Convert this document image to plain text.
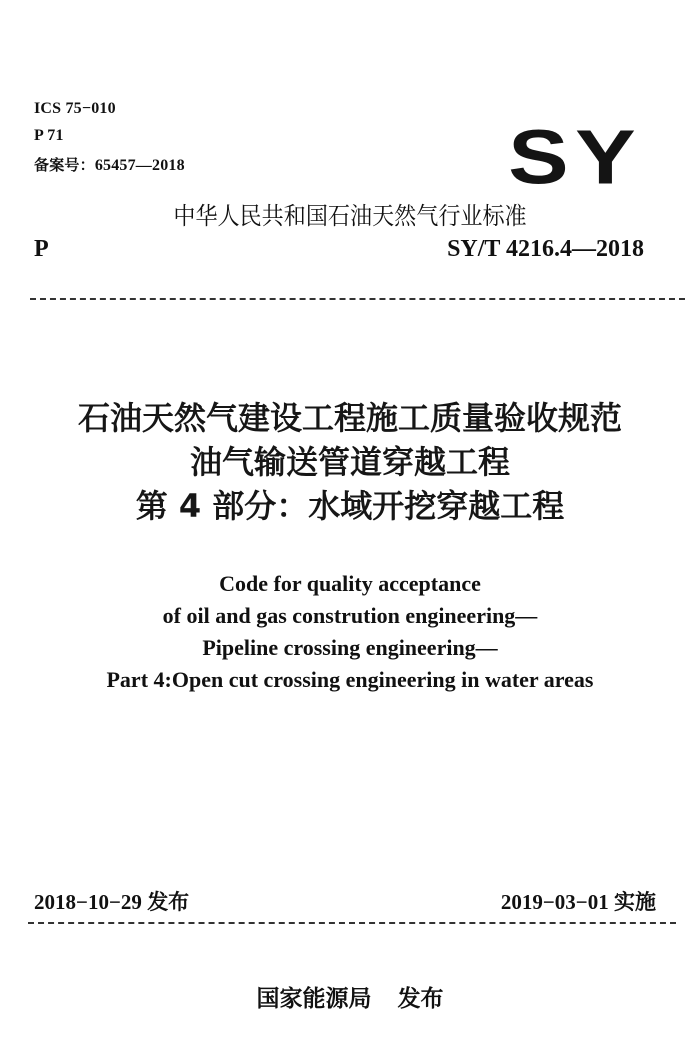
ICS 75−010
P 71
备案号：65457—2018	SY
中华人民共和国石油天然气行业标准
P	SY/T 4216.4—2018
石油天然气建设工程施工质量验收规范
油气输送管道穿越工程
第 4 部分：水域开挖穿越工程
Code for quality acceptance
of oil and gas constrution engineering—
Pipeline crossing engineering—
Part 4:Open cut crossing engineering in water areas
2018−10−29 发布	2019−03−01 实施
国家能源局 发布
